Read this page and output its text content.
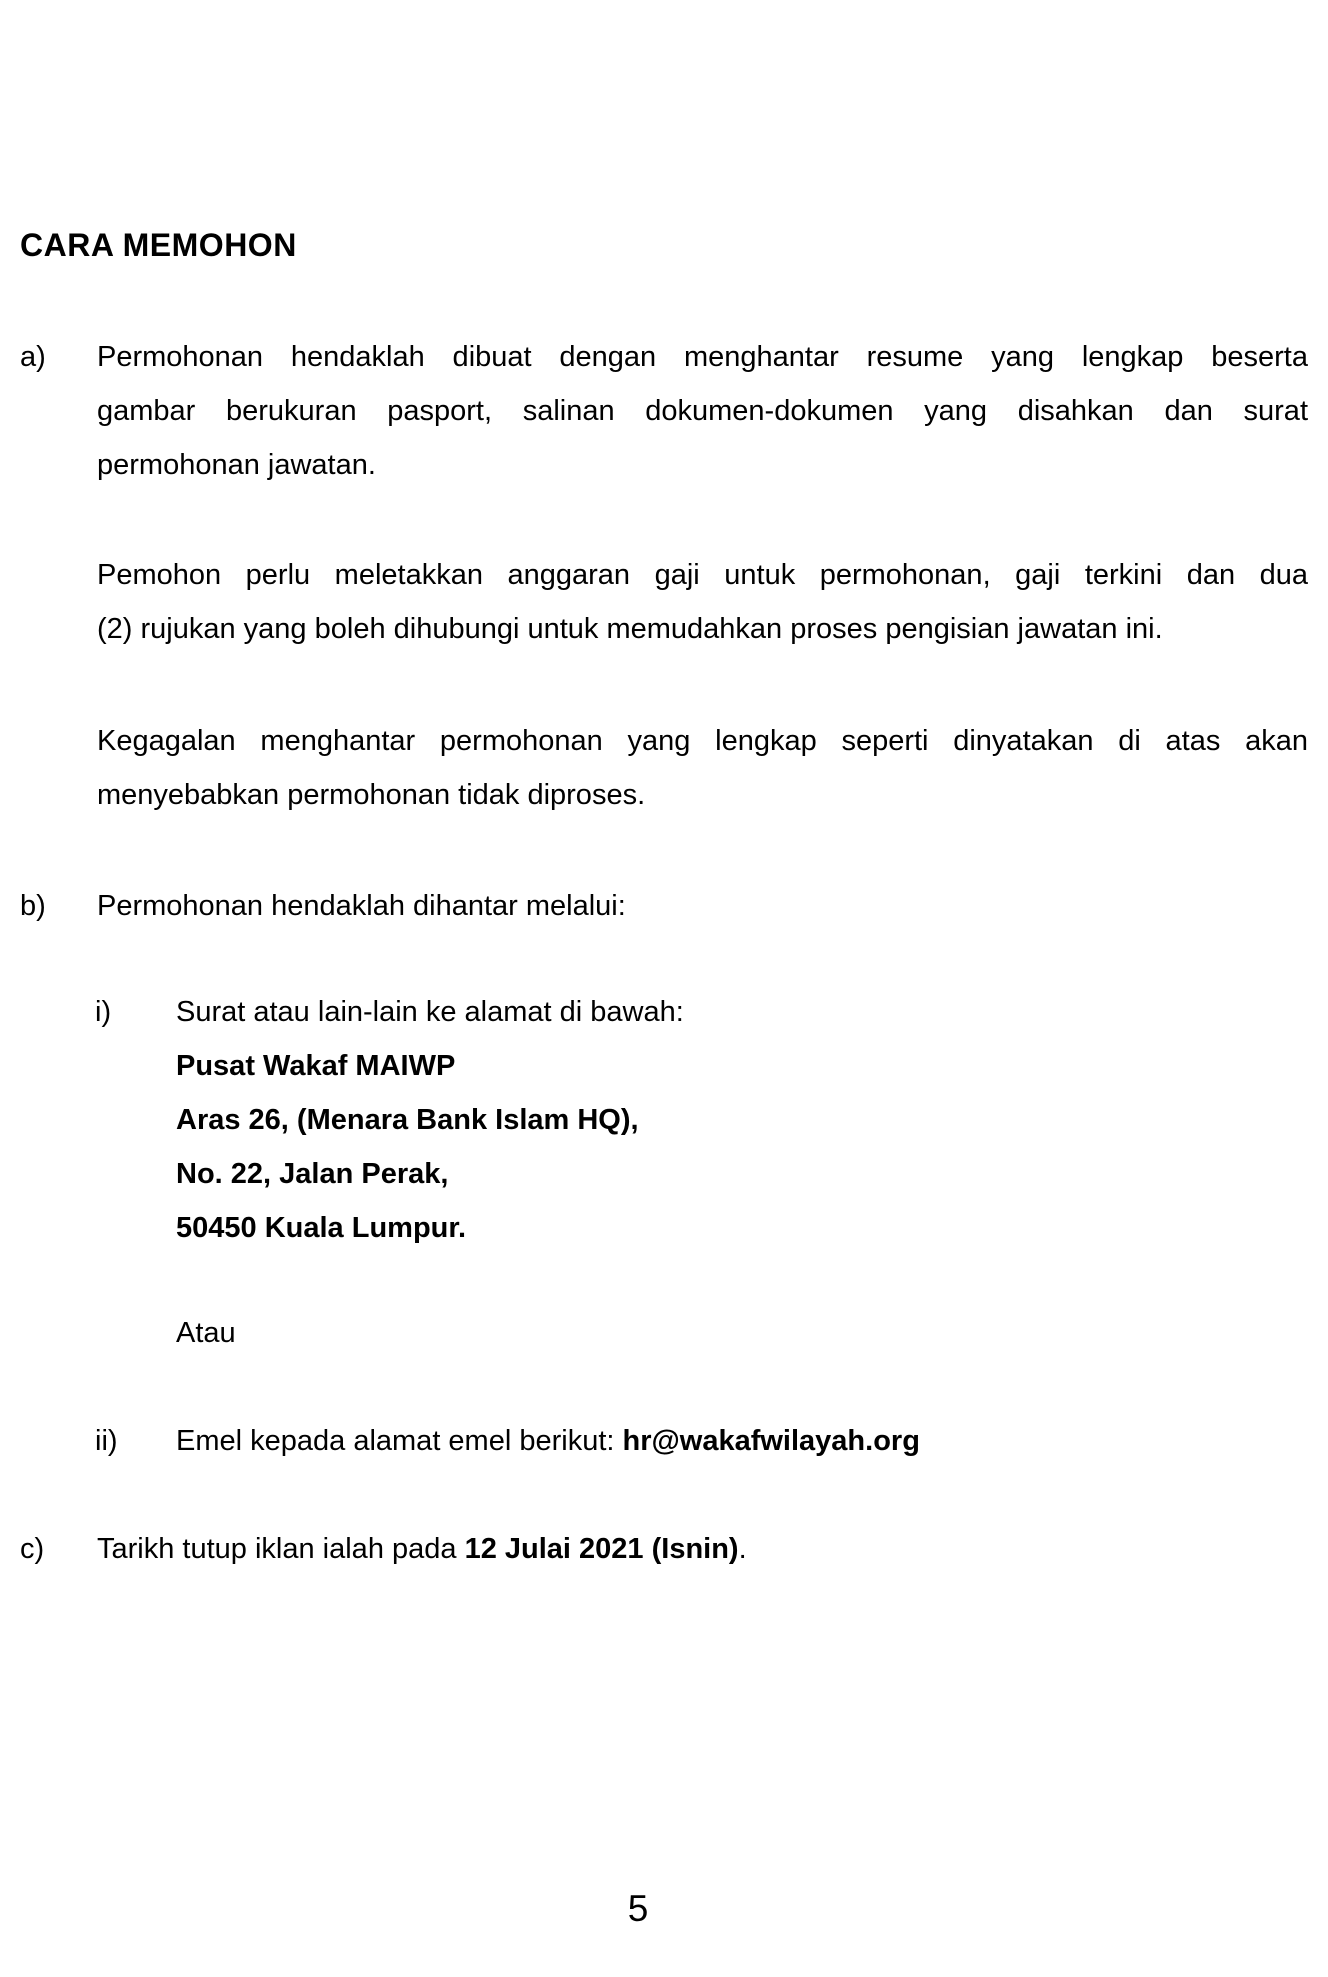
CARA MEMOHON
a)	Permohonan hendaklah dibuat dengan menghantar resume yang lengkap beserta
gambar berukuran pasport, salinan dokumen-dokumen yang disahkan dan surat
permohonan jawatan.
Pemohon perlu meletakkan anggaran gaji untuk permohonan, gaji terkini dan dua
(2) rujukan yang boleh dihubungi untuk memudahkan proses pengisian jawatan ini.
Kegagalan menghantar permohonan yang lengkap seperti dinyatakan di atas akan
menyebabkan permohonan tidak diproses.
b)	Permohonan hendaklah dihantar melalui:
i)	Surat atau lain-lain ke alamat di bawah:
Pusat Wakaf MAIWP
Aras 26, (Menara Bank Islam HQ),
No. 22, Jalan Perak,
50450 Kuala Lumpur.
Atau
ii)	Emel kepada alamat emel berikut: hr@wakafwilayah.org
c)	Tarikh tutup iklan ialah pada 12 Julai 2021 (Isnin).
5
